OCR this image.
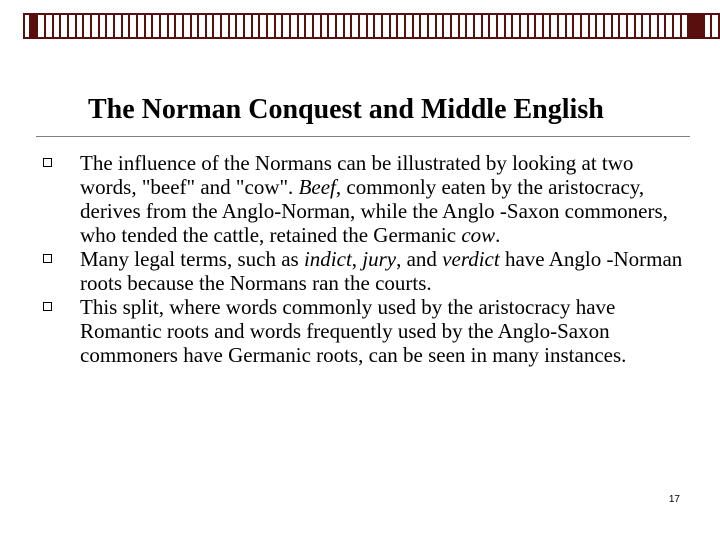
The Norman Conquest and Middle English
The influence of the Normans can be illustrated by looking at two words, "beef" and "cow". Beef, commonly eaten by the aristocracy, derives from the Anglo-Norman, while the Anglo -Saxon commoners, who tended the cattle, retained the Germanic cow.
Many legal terms, such as indict, jury, and verdict have Anglo -Norman roots because the Normans ran the courts.
This split, where words commonly used by the aristocracy have Romantic roots and words frequently used by the Anglo-Saxon commoners have Germanic roots, can be seen in many instances.
17
